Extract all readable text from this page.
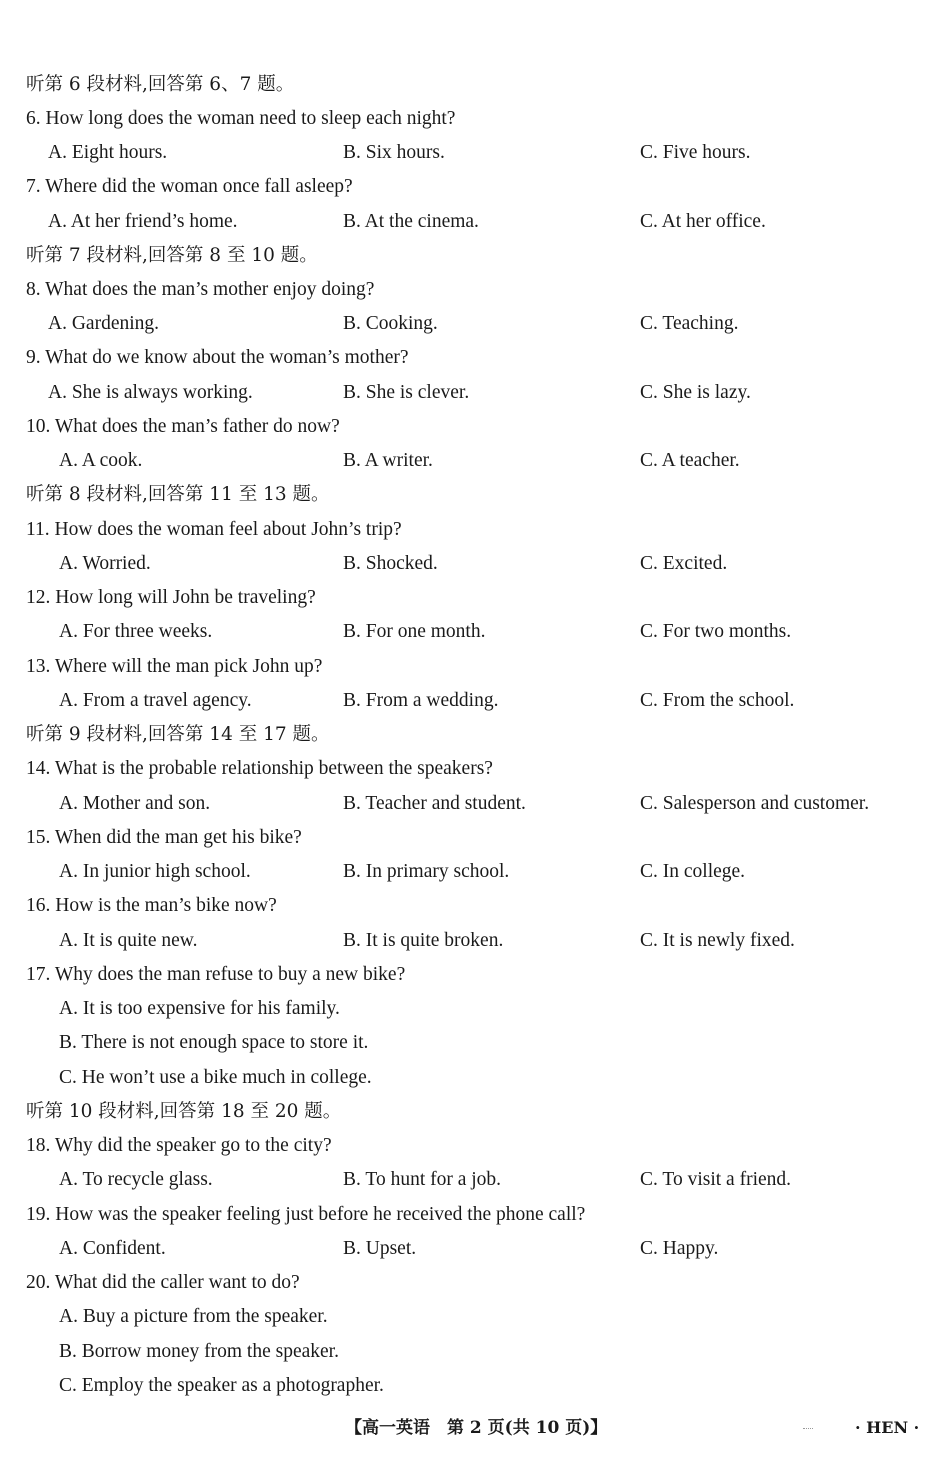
听第 6 段材料,回答第 6、7 题。
6. How long does the woman need to sleep each night?
A. Eight hours.	B. Six hours.	C. Five hours.
7. Where did the woman once fall asleep?
A. At her friend’s home.	B. At the cinema.	C. At her office.
听第 7 段材料,回答第 8 至 10 题。
8. What does the man’s mother enjoy doing?
A. Gardening.	B. Cooking.	C. Teaching.
9. What do we know about the woman’s mother?
A. She is always working.	B. She is clever.	C. She is lazy.
10. What does the man’s father do now?
A. A cook.	B. A writer.	C. A teacher.
听第 8 段材料,回答第 11 至 13 题。
11. How does the woman feel about John’s trip?
A. Worried.	B. Shocked.	C. Excited.
12. How long will John be traveling?
A. For three weeks.	B. For one month.	C. For two months.
13. Where will the man pick John up?
A. From a travel agency.	B. From a wedding.	C. From the school.
听第 9 段材料,回答第 14 至 17 题。
14. What is the probable relationship between the speakers?
A. Mother and son.	B. Teacher and student.	C. Salesperson and customer.
15. When did the man get his bike?
A. In junior high school.	B. In primary school.	C. In college.
16. How is the man’s bike now?
A. It is quite new.	B. It is quite broken.	C. It is newly fixed.
17. Why does the man refuse to buy a new bike?
A. It is too expensive for his family.
B. There is not enough space to store it.
C. He won’t use a bike much in college.
听第 10 段材料,回答第 18 至 20 题。
18. Why did the speaker go to the city?
A. To recycle glass.	B. To hunt for a job.	C. To visit a friend.
19. How was the speaker feeling just before he received the phone call?
A. Confident.	B. Upset.	C. Happy.
20. What did the caller want to do?
A. Buy a picture from the speaker.
B. Borrow money from the speaker.
C. Employ the speaker as a photographer.
【高一英语　第 2 页(共 10 页)】	· HEN ·
